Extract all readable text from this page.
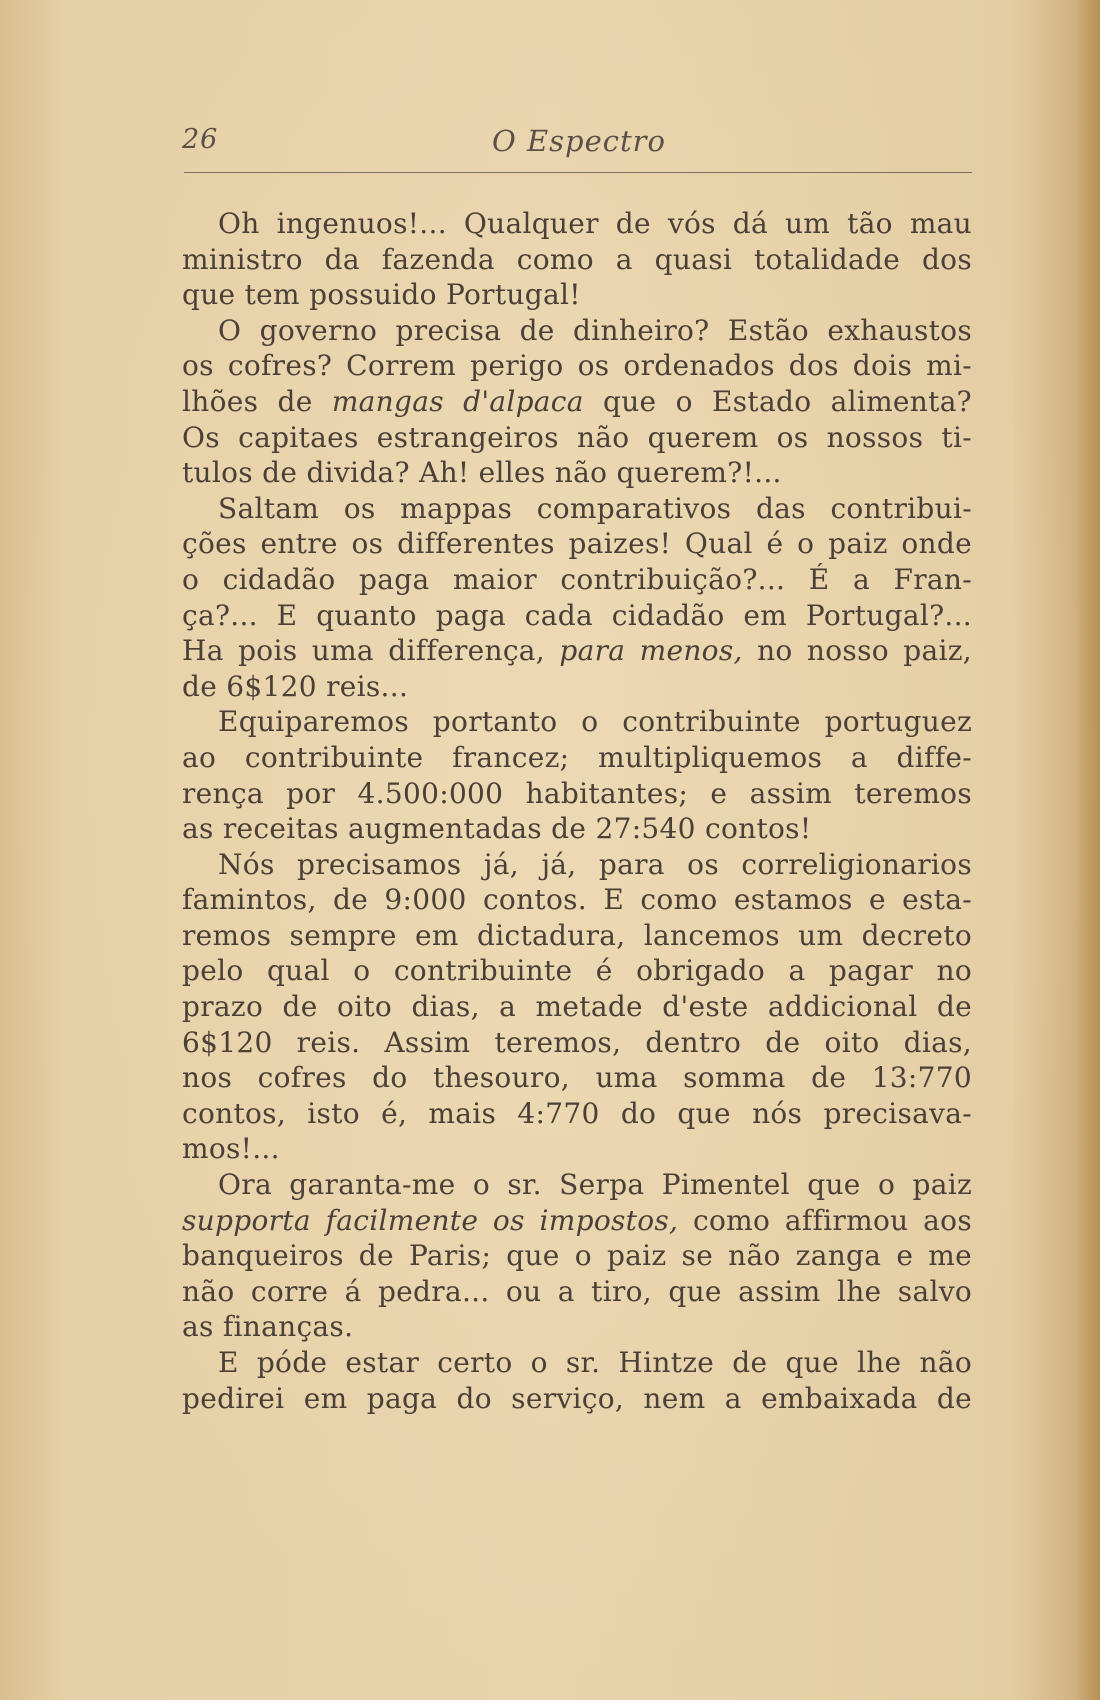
26	O Espectro
Oh ingenuos!... Qualquer de vós dá um tão mau
ministro da fazenda como a quasi totalidade dos
que tem possuido Portugal!
O governo precisa de dinheiro? Estão exhaustos
os cofres? Correm perigo os ordenados dos dois mi-
lhões de mangas d'alpaca que o Estado alimenta?
Os capitaes estrangeiros não querem os nossos ti-
tulos de divida? Ah! elles não querem?!...
Saltam os mappas comparativos das contribui-
ções entre os differentes paizes! Qual é o paiz onde
o cidadão paga maior contribuição?... É a Fran-
ça?... E quanto paga cada cidadão em Portugal?...
Ha pois uma differença, para menos, no nosso paiz,
de 6$120 reis...
Equiparemos portanto o contribuinte portuguez
ao contribuinte francez; multipliquemos a diffe-
rença por 4.500:000 habitantes; e assim teremos
as receitas augmentadas de 27:540 contos!
Nós precisamos já, já, para os correligionarios
famintos, de 9:000 contos. E como estamos e esta-
remos sempre em dictadura, lancemos um decreto
pelo qual o contribuinte é obrigado a pagar no
prazo de oito dias, a metade d'este addicional de
6$120 reis. Assim teremos, dentro de oito dias,
nos cofres do thesouro, uma somma de 13:770
contos, isto é, mais 4:770 do que nós precisava-
mos!...
Ora garanta-me o sr. Serpa Pimentel que o paiz
supporta facilmente os impostos, como affirmou aos
banqueiros de Paris; que o paiz se não zanga e me
não corre á pedra... ou a tiro, que assim lhe salvo
as finanças.
E póde estar certo o sr. Hintze de que lhe não
pedirei em paga do serviço, nem a embaixada de
